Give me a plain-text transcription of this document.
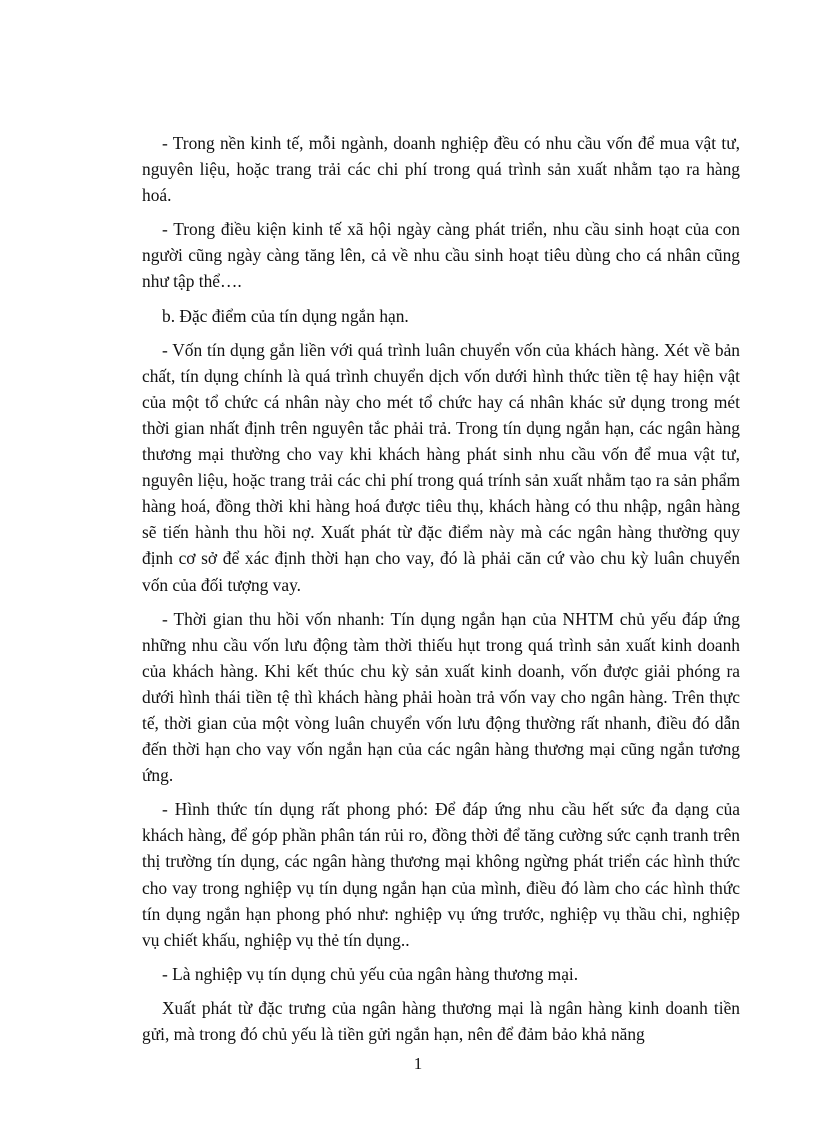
- Trong nền kinh tế, mỗi ngành, doanh nghiệp đều có nhu cầu vốn để mua vật tư, nguyên liệu, hoặc trang trải các chi phí trong quá trình sản xuất nhằm tạo ra hàng hoá.

- Trong điều kiện kinh tế xã hội ngày càng phát triển, nhu cầu sinh hoạt của con người cũng ngày càng tăng lên, cả về nhu cầu sinh hoạt tiêu dùng cho cá nhân cũng như tập thể….

b. Đặc điểm của tín dụng ngắn hạn.

- Vốn tín dụng gắn liền với quá trình luân chuyển vốn của khách hàng. Xét về bản chất, tín dụng chính là quá trình chuyển dịch vốn dưới hình thức tiền tệ hay hiện vật của một tổ chức cá nhân này cho mét tổ chức hay cá nhân khác sử dụng trong mét thời gian nhất định trên nguyên tắc phải trả. Trong tín dụng ngắn hạn, các ngân hàng thương mại thường cho vay khi khách hàng phát sinh nhu cầu vốn để mua vật tư, nguyên liệu, hoặc trang trải các chi phí trong quá trính sản xuất nhằm tạo ra sản phẩm hàng hoá, đồng thời khi hàng hoá được tiêu thụ, khách hàng có thu nhập, ngân hàng sẽ tiến hành thu hồi nợ. Xuất phát từ đặc điểm này mà các ngân hàng thường quy định cơ sở để xác định thời hạn cho vay, đó là phải căn cứ vào chu kỳ luân chuyển vốn của đối tượng vay.

- Thời gian thu hồi vốn nhanh: Tín dụng ngắn hạn của NHTM chủ yếu đáp ứng những nhu cầu vốn lưu động tàm thời thiếu hụt trong quá trình sản xuất kinh doanh của khách hàng. Khi kết thúc chu kỳ sản xuất kinh doanh, vốn được giải phóng ra dưới hình thái tiền tệ thì khách hàng phải hoàn trả vốn vay cho ngân hàng. Trên thực tế, thời gian của một vòng luân chuyển vốn lưu động thường rất nhanh, điều đó dẫn đến thời hạn cho vay vốn ngắn hạn của các ngân hàng thương mại cũng ngắn tương ứng.

- Hình thức tín dụng rất phong phó: Để đáp ứng nhu cầu hết sức đa dạng của khách hàng, để góp phần phân tán rủi ro, đồng thời để tăng cường sức cạnh tranh trên thị trường tín dụng, các ngân hàng thương mại không ngừng phát triển các hình thức cho vay trong nghiệp vụ tín dụng ngắn hạn của mình, điều đó làm cho các hình thức tín dụng ngắn hạn phong phó như: nghiệp vụ ứng trước, nghiệp vụ thầu chi, nghiệp vụ chiết khấu, nghiệp vụ thẻ tín dụng..

- Là nghiệp vụ tín dụng chủ yếu của ngân hàng thương mại.

Xuất phát từ đặc trưng của ngân hàng thương mại là ngân hàng kinh doanh tiền gửi, mà trong đó chủ yếu là tiền gửi ngắn hạn, nên để đảm bảo khả năng

1
